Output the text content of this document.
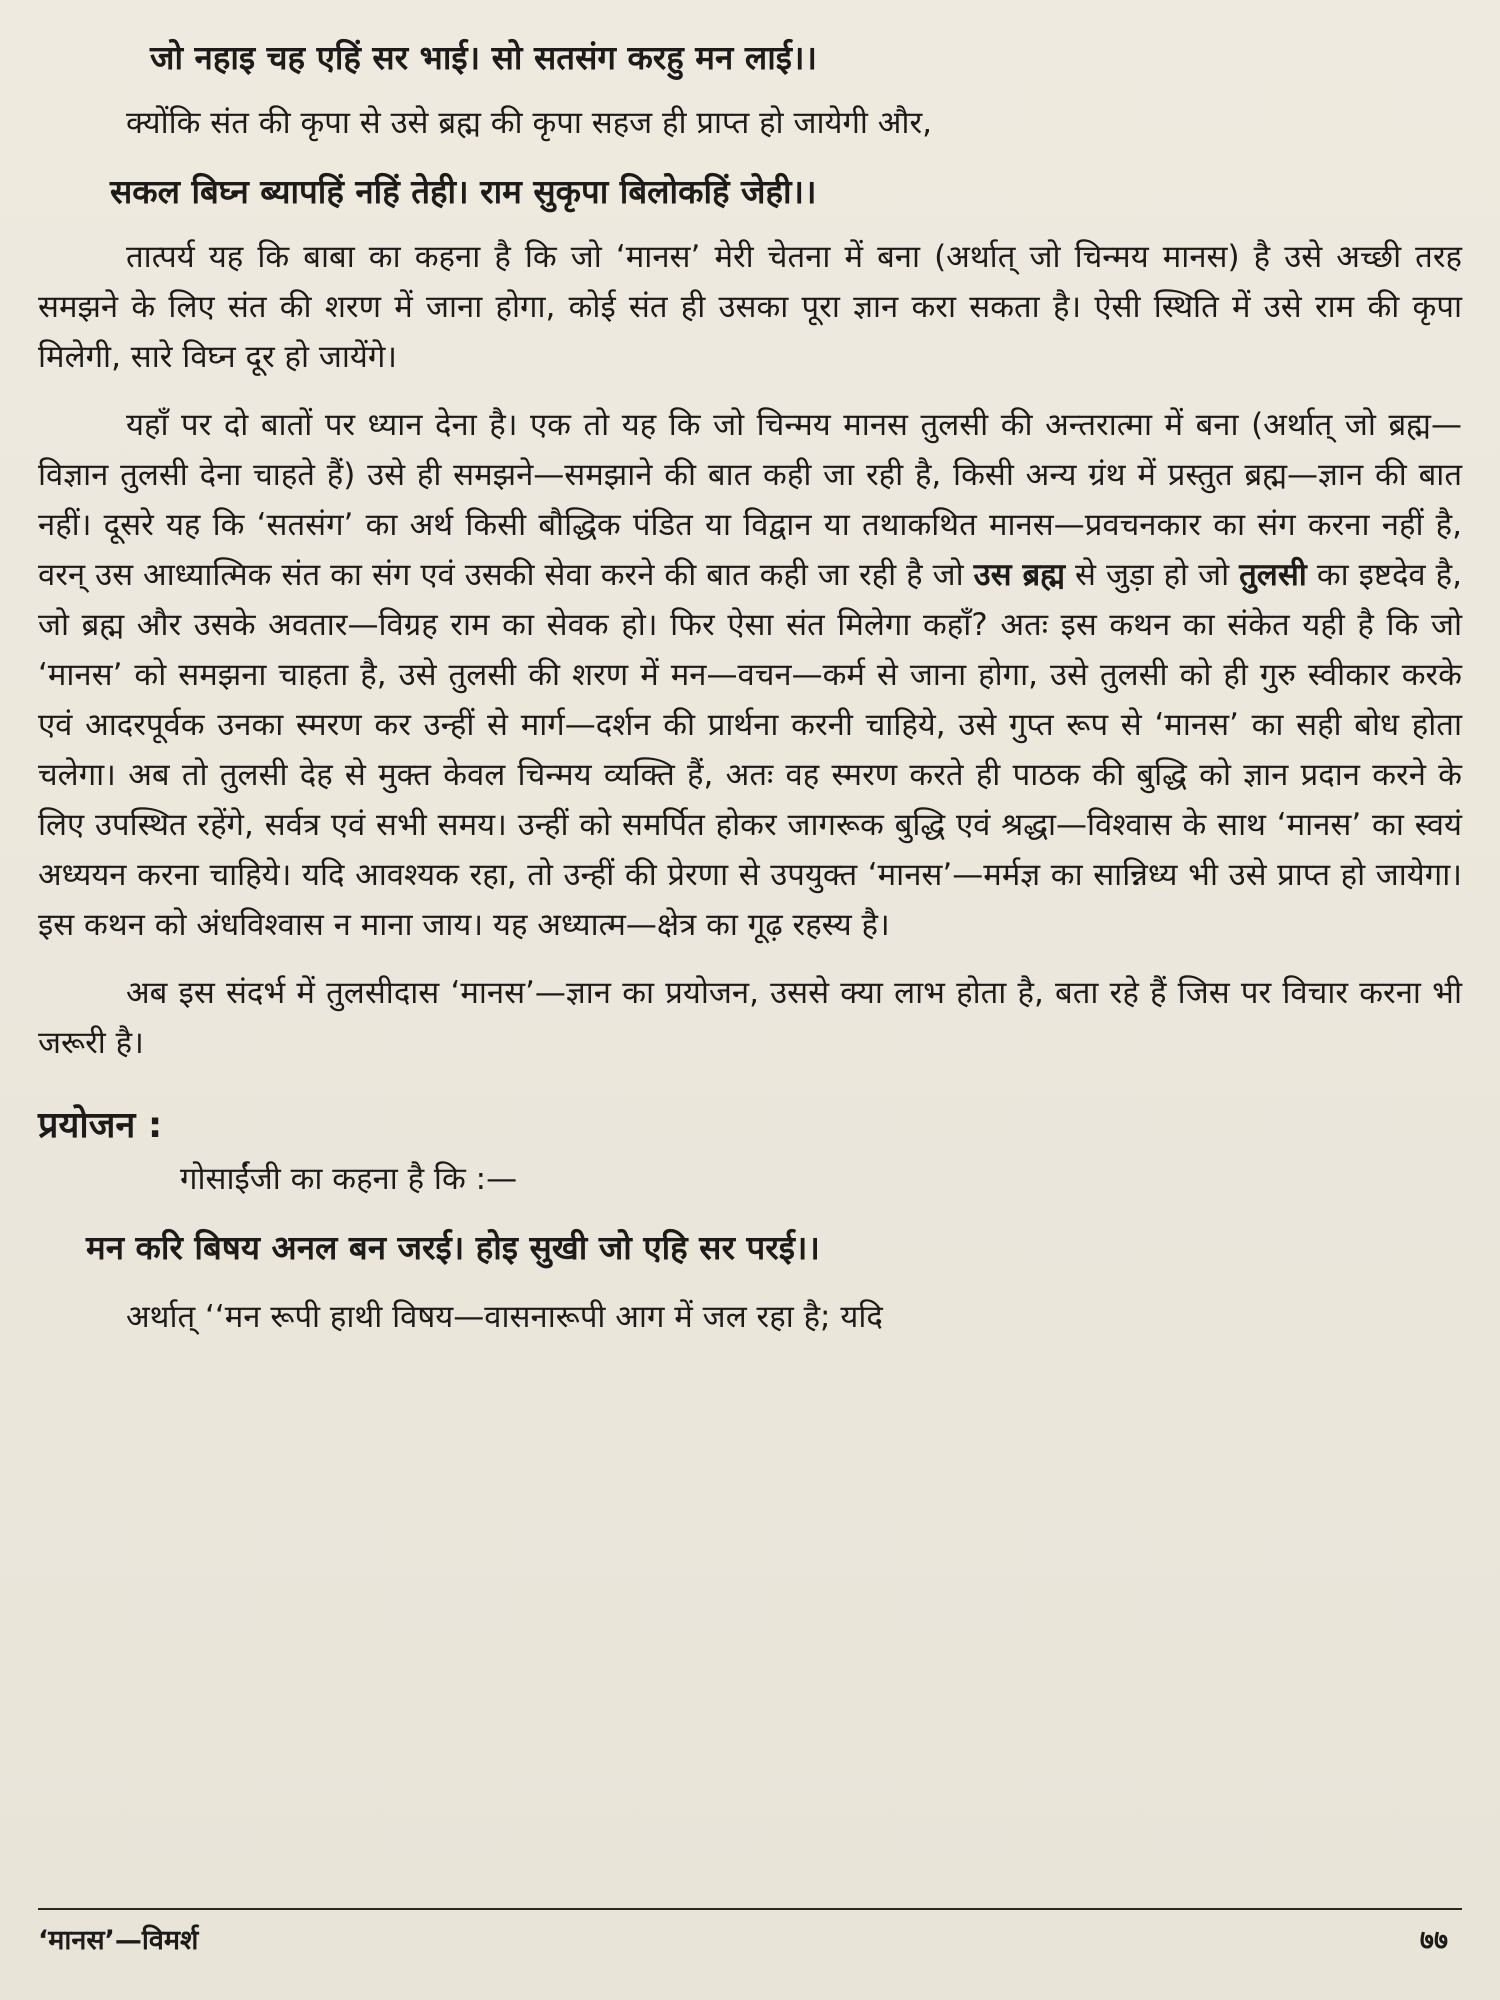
जो नहाइ चह एहिं सर भाई। सो सतसंग करहु मन लाई।।

क्योंकि संत की कृपा से उसे ब्रह्म की कृपा सहज ही प्राप्त हो जायेगी और,

सकल बिघ्न ब्यापहिं नहिं तेही। राम सुकृपा बिलोकहिं जेही।।

तात्पर्य यह कि बाबा का कहना है कि जो ‘मानस’ मेरी चेतना में बना (अर्थात् जो चिन्मय मानस) है उसे अच्छी तरह समझने के लिए संत की शरण में जाना होगा, कोई संत ही उसका पूरा ज्ञान करा सकता है। ऐसी स्थिति में उसे राम की कृपा मिलेगी, सारे विघ्न दूर हो जायेंगे।

यहाँ पर दो बातों पर ध्यान देना है। एक तो यह कि जो चिन्मय मानस तुलसी की अन्तरात्मा में बना (अर्थात् जो ब्रह्म—विज्ञान तुलसी देना चाहते हैं) उसे ही समझने—समझाने की बात कही जा रही है, किसी अन्य ग्रंथ में प्रस्तुत ब्रह्म—ज्ञान की बात नहीं। दूसरे यह कि ‘सतसंग’ का अर्थ किसी बौद्धिक पंडित या विद्वान या तथाकथित मानस—प्रवचनकार का संग करना नहीं है, वरन् उस आध्यात्मिक संत का संग एवं उसकी सेवा करने की बात कही जा रही है जो उस ब्रह्म से जुड़ा हो जो तुलसी का इष्टदेव है, जो ब्रह्म और उसके अवतार—विग्रह राम का सेवक हो। फिर ऐसा संत मिलेगा कहाँ? अतः इस कथन का संकेत यही है कि जो ‘मानस’ को समझना चाहता है, उसे तुलसी की शरण में मन—वचन—कर्म से जाना होगा, उसे तुलसी को ही गुरु स्वीकार करके एवं आदरपूर्वक उनका स्मरण कर उन्हीं से मार्ग—दर्शन की प्रार्थना करनी चाहिये, उसे गुप्त रूप से ‘मानस’ का सही बोध होता चलेगा। अब तो तुलसी देह से मुक्त केवल चिन्मय व्यक्ति हैं, अतः वह स्मरण करते ही पाठक की बुद्धि को ज्ञान प्रदान करने के लिए उपस्थित रहेंगे, सर्वत्र एवं सभी समय। उन्हीं को समर्पित होकर जागरूक बुद्धि एवं श्रद्धा—विश्वास के साथ ‘मानस’ का स्वयं अध्ययन करना चाहिये। यदि आवश्यक रहा, तो उन्हीं की प्रेरणा से उपयुक्त ‘मानस’—मर्मज्ञ का सान्निध्य भी उसे प्राप्त हो जायेगा। इस कथन को अंधविश्वास न माना जाय। यह अध्यात्म—क्षेत्र का गूढ़ रहस्य है।

अब इस संदर्भ में तुलसीदास ‘मानस’—ज्ञान का प्रयोजन, उससे क्या लाभ होता है, बता रहे हैं जिस पर विचार करना भी जरूरी है।

प्रयोजन :

गोसाईंजी का कहना है कि :—

मन करि बिषय अनल बन जरई। होइ सुखी जो एहि सर परई।।

अर्थात् ‘‘मन रूपी हाथी विषय—वासनारूपी आग में जल रहा है; यदि

‘मानस’—विमर्श	७७
